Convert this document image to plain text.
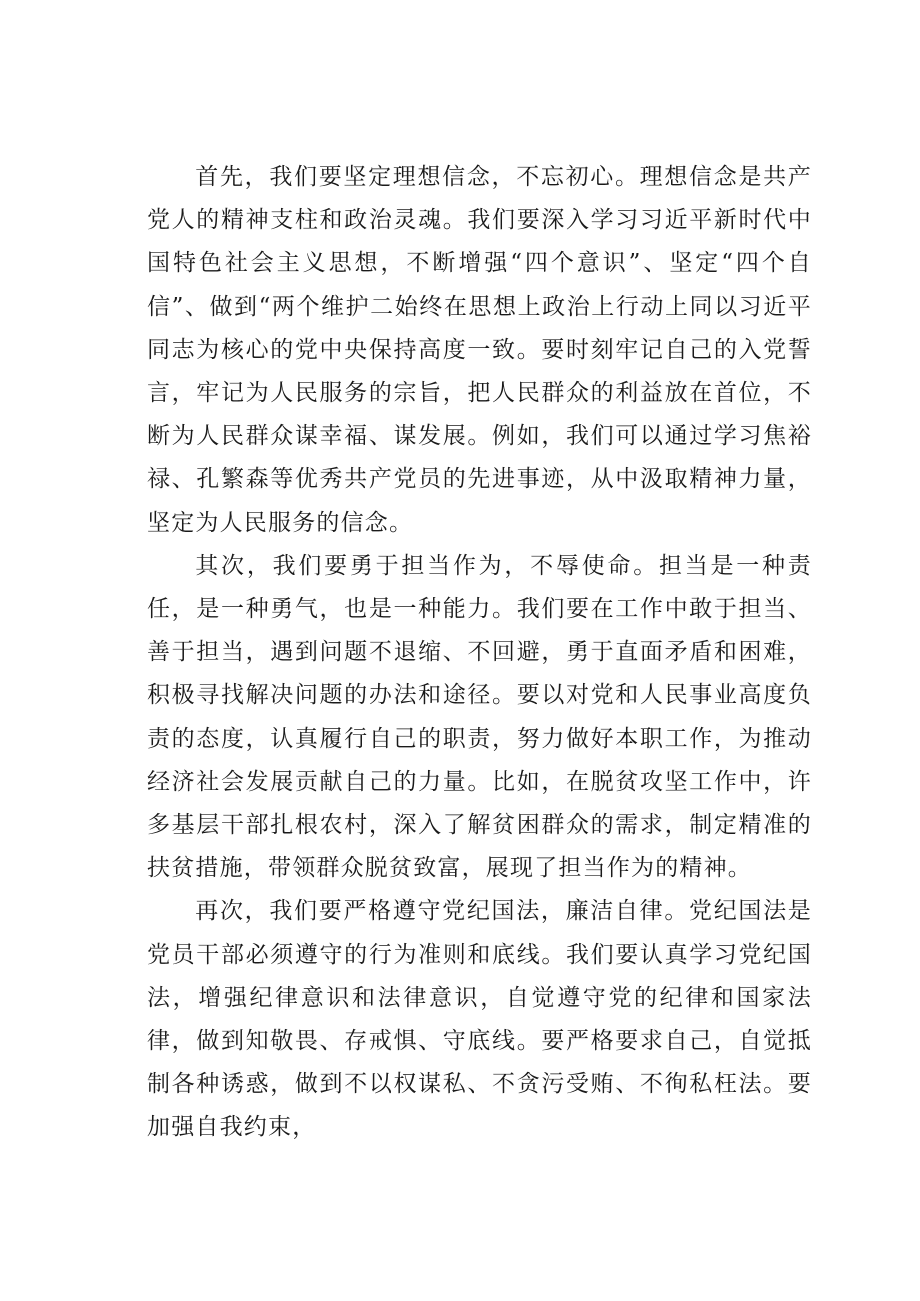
首先，我们要坚定理想信念，不忘初心。理想信念是共产党人的精神支柱和政治灵魂。我们要深入学习习近平新时代中国特色社会主义思想，不断增强“四个意识”、坚定“四个自信”、做到“两个维护二始终在思想上政治上行动上同以习近平同志为核心的党中央保持高度一致。要时刻牢记自己的入党誓言，牢记为人民服务的宗旨，把人民群众的利益放在首位，不断为人民群众谋幸福、谋发展。例如，我们可以通过学习焦裕禄、孔繁森等优秀共产党员的先进事迹，从中汲取精神力量，坚定为人民服务的信念。

其次，我们要勇于担当作为，不辱使命。担当是一种责任，是一种勇气，也是一种能力。我们要在工作中敢于担当、善于担当，遇到问题不退缩、不回避，勇于直面矛盾和困难，积极寻找解决问题的办法和途径。要以对党和人民事业高度负责的态度，认真履行自己的职责，努力做好本职工作，为推动经济社会发展贡献自己的力量。比如，在脱贫攻坚工作中，许多基层干部扎根农村，深入了解贫困群众的需求，制定精准的扶贫措施，带领群众脱贫致富，展现了担当作为的精神。

再次，我们要严格遵守党纪国法，廉洁自律。党纪国法是党员干部必须遵守的行为准则和底线。我们要认真学习党纪国法，增强纪律意识和法律意识，自觉遵守党的纪律和国家法律，做到知敬畏、存戒惧、守底线。要严格要求自己，自觉抵制各种诱惑，做到不以权谋私、不贪污受贿、不徇私枉法。要加强自我约束，
